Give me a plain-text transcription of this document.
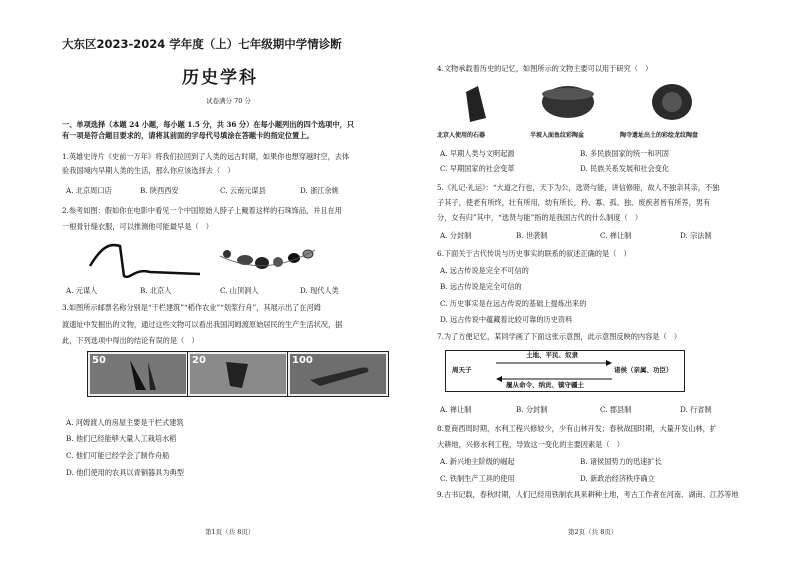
大东区2023-2024 学年度（上）七年级期中学情诊断
历史学科
试卷满分 70 分
一、单项选择（本题 24 小题，每小题 1.5 分，共 36 分）在每小题列出的四个选项中，只
有一项是符合题目要求的，请将其前面的字母代号填涂在答题卡的指定位置上。
1.英雄史诗片《史前一万年》将我们拉回到了人类的远古时期，如果你也想穿越时空，去体
验我国境内早期人类的生活，那么你应该选择去（　）
A. 北京周口店	B. 陕西西安	C. 云南元谋县	D. 浙江余姚
2.参考如图：假如你在电影中看见一个中国原始人脖子上戴着这样的石珠饰品，并且在用
一根骨针缝衣服，可以推测他可能最早是（　）
A. 元谋人	B. 北京人	C. 山顶洞人	D. 现代人类
3.如图所示邮票名称分别是“干栏建筑”“稻作农业”“划浆行舟”，其展示出了在河姆
渡遗址中发掘出的文物，通过这些文物可以看出我国河姆渡原始居民的生产生活状况，据
此，下列选项中得出的结论有误的是（　）
50	20	100
A. 河姆渡人的房屋主要是干栏式建筑
B. 他们已经能够大量人工栽培水稻
C. 他们可能已经学会了制作舟船
D. 他们使用的农具以青铜器具为典型
第1页（共 8页）
4.文物承载着历史的记忆，如图所示的文物主要可以用于研究（　）
北京人使用的石器	半坡人面鱼纹彩陶盆	陶寺遗址出土的彩绘龙纹陶盘
A. 早期人类与文明起源	B. 多民族国家的统一和巩固
C. 早期国家的社会变革	D. 民族关系发展和社会变化
5.《礼记·礼运》：“大道之行也，天下为公，选贤与能，讲信修睦，故人不独亲其亲，不独
子其子，使老有所终，壮有所用，幼有所长，矜、寡、孤、独、废疾者皆有所养，男有
分，女有归”其中，“选贤与能”指的是我国古代的什么制度（　）
A. 分封制	B. 世袭制	C. 禅让制	D. 宗法制
6.下面关于古代传说与历史事实的联系的叙述正确的是（　）
A. 远古传说是完全不可信的
B. 远古传说是完全可信的
C. 历史事实是在远古传说的基础上提炼出来的
D. 远古传说中蕴藏着比较可靠的历史资料
7.为了方便记忆，某同学画了下面这张示意图，此示意图反映的内容是（　）
土地、平民、奴隶
周天子	诸侯（亲属、功臣）
履从命令、纳贡、镇守疆土
A. 禅让制	B. 分封制	C. 郡县制	D. 行省制
8.夏商西周时期，水利工程兴修较少，少有山林开发；春秋战国时期，大量开发山林，扩
大耕地，兴修水利工程，导致这一变化的主要因素是（　）
A. 新兴地主阶级的崛起	B. 诸侯国势力的迅速扩长
C. 铁制生产工具的使用	D. 新政治经济秩序确立
9.古书记载，春秋时期，人们已经用铁制农具来耕种土地，考古工作者在河南、湖南、江苏等地
第2页（共 8页）
